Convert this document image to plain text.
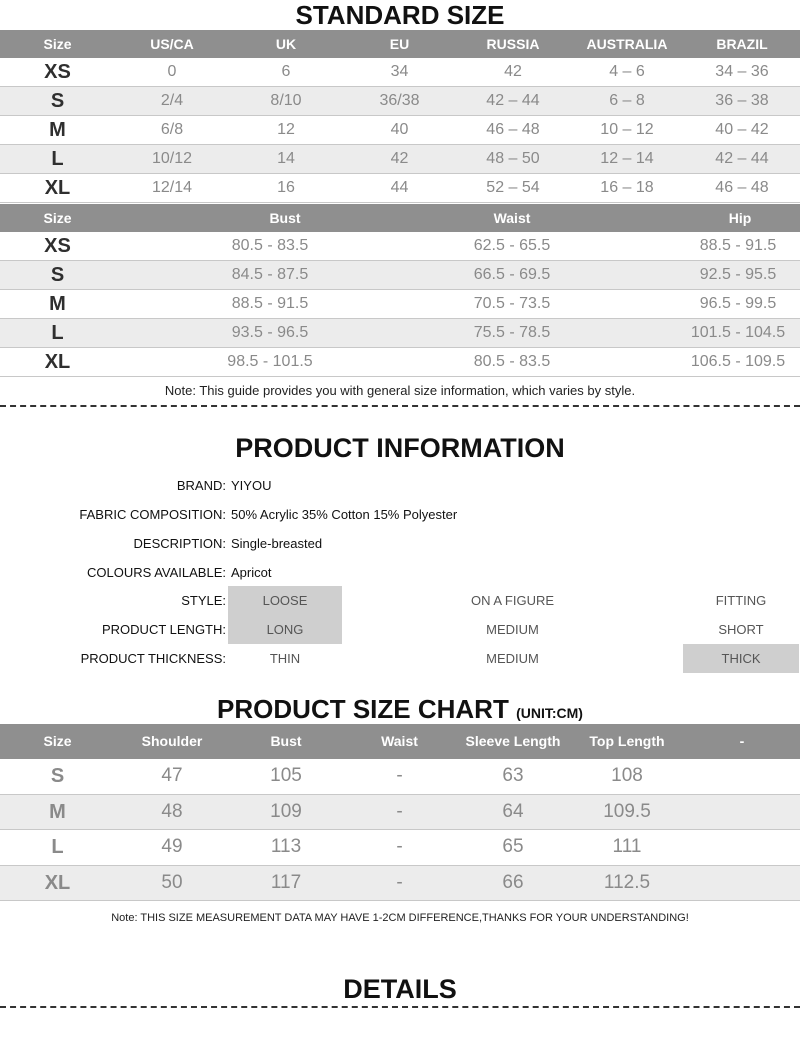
STANDARD SIZE
Size	US/CA	UK	EU	RUSSIA	AUSTRALIA	BRAZIL
XS	0	6	34	42	4 – 6	34 – 36
S	2/4	8/10	36/38	42 – 44	6 – 8	36 – 38
M	6/8	12	40	46 – 48	10 – 12	40 – 42
L	10/12	14	42	48 – 50	12 – 14	42 – 44
XL	12/14	16	44	52 – 54	16 – 18	46 – 48
Size	Bust	Waist	Hip
XS	80.5 - 83.5	62.5 - 65.5	88.5 - 91.5
S	84.5 - 87.5	66.5 - 69.5	92.5 - 95.5
M	88.5 - 91.5	70.5 - 73.5	96.5 - 99.5
L	93.5 - 96.5	75.5 - 78.5	101.5 - 104.5
XL	98.5 - 101.5	80.5 - 83.5	106.5 - 109.5
Note: This guide provides you with general size information, which varies by style.
PRODUCT INFORMATION
BRAND: YIYOU
FABRIC COMPOSITION: 50% Acrylic 35% Cotton 15% Polyester
DESCRIPTION: Single-breasted
COLOURS AVAILABLE: Apricot
STYLE:	LOOSE	ON A FIGURE	FITTING
PRODUCT LENGTH:	LONG	MEDIUM	SHORT
PRODUCT THICKNESS:	THIN	MEDIUM	THICK
PRODUCT SIZE CHART (UNIT:CM)
Size	Shoulder	Bust	Waist	Sleeve Length	Top Length	-
S	47	105	-	63	108
M	48	109	-	64	109.5
L	49	113	-	65	111
XL	50	117	-	66	112.5
Note: THIS SIZE MEASUREMENT DATA MAY HAVE 1-2CM DIFFERENCE,THANKS FOR YOUR UNDERSTANDING!
DETAILS
